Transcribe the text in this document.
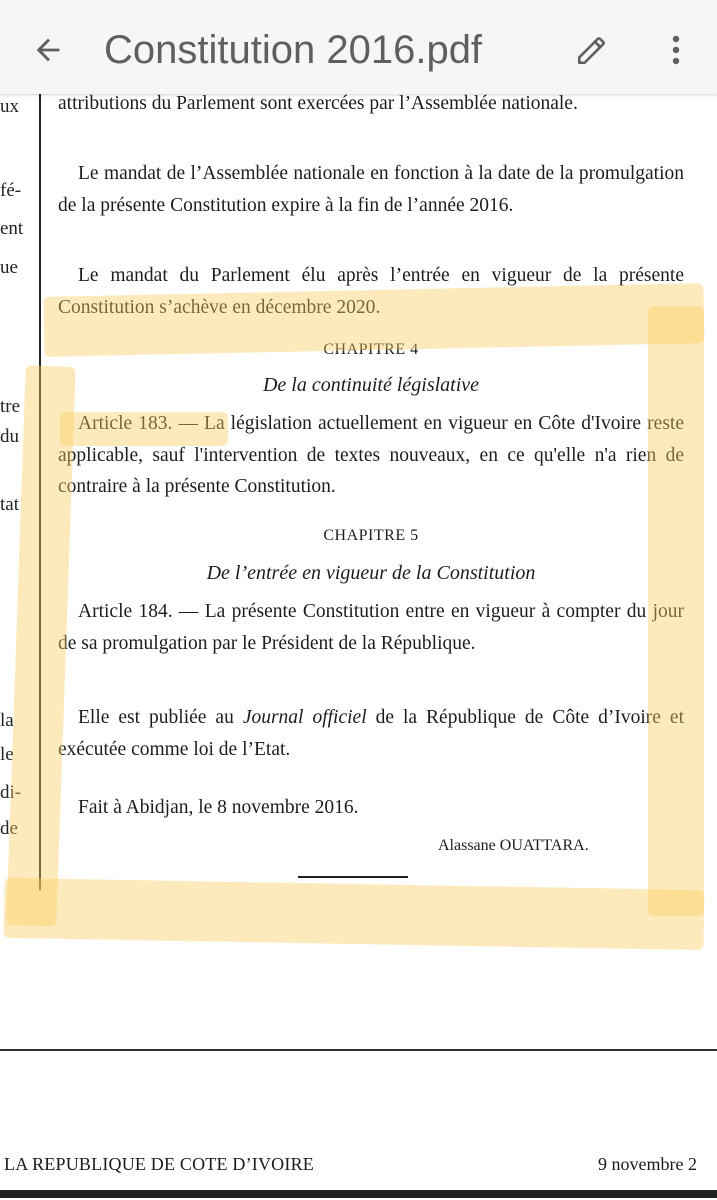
Constitution 2016.pdf
ux
fé-
ent
ue
tre
du
tat
la
le
di-
de
attributions du Parlement sont exercées par l’Assemblée nationale.
Le mandat de l’Assemblée nationale en fonction à la date de la promulgation de la présente Constitution expire à la fin de l’année 2016.
Le mandat du Parlement élu après l’entrée en vigueur de la présente Constitution s’achève en décembre 2020.
CHAPITRE 4
De la continuité législative
Article 183. — La législation actuellement en vigueur en Côte d'Ivoire reste applicable, sauf l'intervention de textes nouveaux, en ce qu'elle n'a rien de contraire à la présente Constitution.
CHAPITRE 5
De l’entrée en vigueur de la Constitution
Article 184. — La présente Constitution entre en vigueur à compter du jour de sa promulgation par le Président de la République.
Elle est publiée au Journal officiel de la République de Côte d’Ivoire et exécutée comme loi de l’Etat.
Fait à Abidjan, le 8 novembre 2016.
Alassane OUATTARA.
LA REPUBLIQUE DE COTE D’IVOIRE	9 novembre 2
